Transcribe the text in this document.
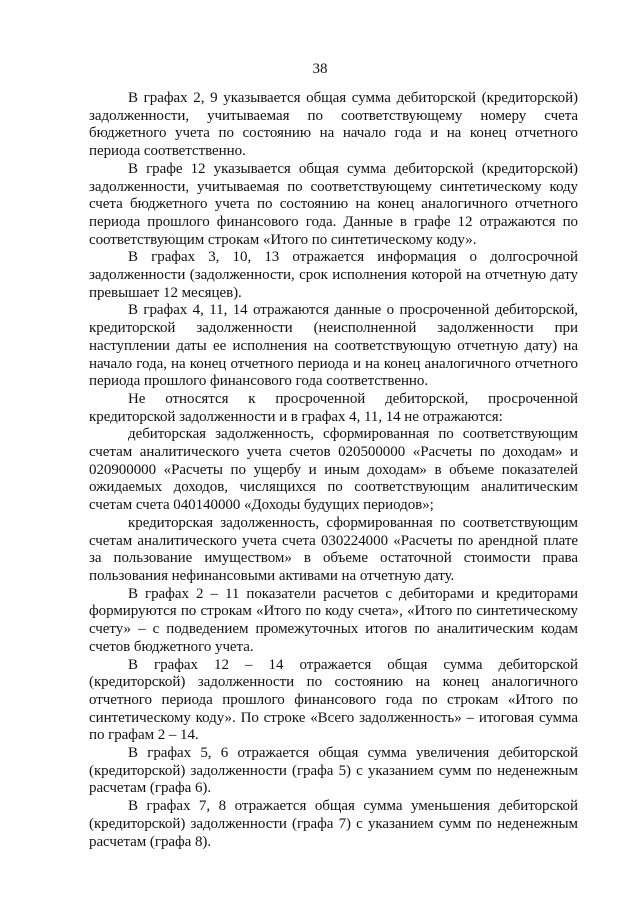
38

В графах 2, 9 указывается общая сумма дебиторской (кредиторской) задолженности, учитываемая по соответствующему номеру счета бюджетного учета по состоянию на начало года и на конец отчетного периода соответственно.

В графе 12 указывается общая сумма дебиторской (кредиторской) задолженности, учитываемая по соответствующему синтетическому коду счета бюджетного учета по состоянию на конец аналогичного отчетного периода прошлого финансового года. Данные в графе 12 отражаются по соответствующим строкам «Итого по синтетическому коду».

В графах 3, 10, 13 отражается информация о долгосрочной задолженности (задолженности, срок исполнения которой на отчетную дату превышает 12 месяцев).

В графах 4, 11, 14 отражаются данные о просроченной дебиторской, кредиторской задолженности (неисполненной задолженности при наступлении даты ее исполнения на соответствующую отчетную дату) на начало года, на конец отчетного периода и на конец аналогичного отчетного периода прошлого финансового года соответственно.

Не относятся к просроченной дебиторской, просроченной кредиторской задолженности и в графах 4, 11, 14 не отражаются:

дебиторская задолженность, сформированная по соответствующим счетам аналитического учета счетов 020500000 «Расчеты по доходам» и 020900000 «Расчеты по ущербу и иным доходам» в объеме показателей ожидаемых доходов, числящихся по соответствующим аналитическим счетам счета 040140000 «Доходы будущих периодов»;

кредиторская задолженность, сформированная по соответствующим счетам аналитического учета счета 030224000 «Расчеты по арендной плате за пользование имуществом» в объеме остаточной стоимости права пользования нефинансовыми активами на отчетную дату.

В графах 2 – 11 показатели расчетов с дебиторами и кредиторами формируются по строкам «Итого по коду счета», «Итого по синтетическому счету» – с подведением промежуточных итогов по аналитическим кодам счетов бюджетного учета.

В графах 12 – 14 отражается общая сумма дебиторской (кредиторской) задолженности по состоянию на конец аналогичного отчетного периода прошлого финансового года по строкам «Итого по синтетическому коду». По строке «Всего задолженность» – итоговая сумма по графам 2 – 14.

В графах 5, 6 отражается общая сумма увеличения дебиторской (кредиторской) задолженности (графа 5) с указанием сумм по неденежным расчетам (графа 6).

В графах 7, 8 отражается общая сумма уменьшения дебиторской (кредиторской) задолженности (графа 7) с указанием сумм по неденежным расчетам (графа 8).
